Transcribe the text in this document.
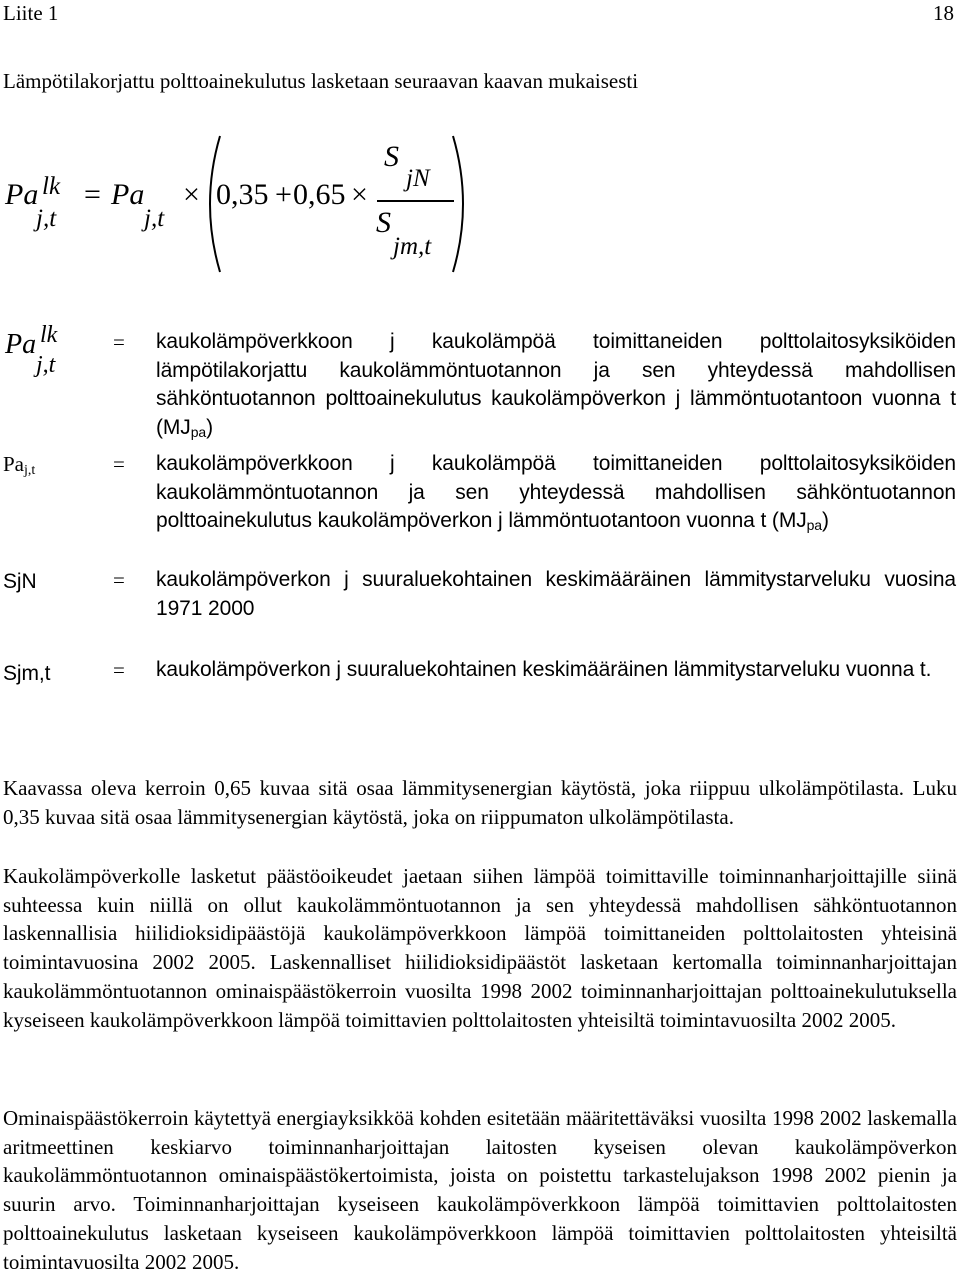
Liite 1	18
Lämpötilakorjattu polttoainekulutus lasketaan seuraavan kaavan mukaisesti
Pa lk
j,t
= Pa
j,t
× 0,35 + 0,65 ×
S
jN
S
jm,t
Pa lk
j,t
= kaukolämpöverkkoon j kaukolämpöä toimittaneiden polttolaitosyksiköiden lämpötilakorjattu kaukolämmöntuotannon ja sen yhteydessä mahdollisen sähköntuotannon polttoainekulutus kaukolämpöverkon j lämmöntuotantoon vuonna t $(MJ_{pa})$
$Pa_{j,t}$	= kaukolämpöverkkoon j kaukolämpöä toimittaneiden polttolaitosyksiköiden kaukolämmöntuotannon ja sen yhteydessä mahdollisen sähköntuotannon polttoainekulutus kaukolämpöverkon j lämmöntuotantoon vuonna t $(MJ_{pa})$
SjN	= kaukolämpöverkon j suuraluekohtainen keskimääräinen lämmitystarveluku vuosina 1971 2000
Sjm,t	= kaukolämpöverkon j suuraluekohtainen keskimääräinen lämmitystarveluku vuonna t.
Kaavassa oleva kerroin 0,65 kuvaa sitä osaa lämmitysenergian käytöstä, joka riippuu ulkolämpötilasta. Luku 0,35 kuvaa sitä osaa lämmitysenergian käytöstä, joka on riippumaton ulkolämpötilasta.
Kaukolämpöverkolle lasketut päästöoikeudet jaetaan siihen lämpöä toimittaville toiminnanharjoittajille siinä suhteessa kuin niillä on ollut kaukolämmöntuotannon ja sen yhteydessä mahdollisen sähköntuotannon laskennallisia hiilidioksidipäästöjä kaukolämpöverkkoon lämpöä toimittaneiden polttolaitosten yhteisinä toimintavuosina 2002 2005. Laskennalliset hiilidioksidipäästöt lasketaan kertomalla toiminnanharjoittajan kaukolämmöntuotannon ominaispäästökerroin vuosilta 1998 2002 toiminnanharjoittajan polttoainekulutuksella kyseiseen kaukolämpöverkkoon lämpöä toimittavien polttolaitosten yhteisiltä toimintavuosilta 2002 2005.
Ominaispäästökerroin käytettyä energiayksikköä kohden esitetään määritettäväksi vuosilta 1998 2002 laskemalla aritmeettinen keskiarvo toiminnanharjoittajan laitosten kyseisen olevan kaukolämpöverkon kaukolämmöntuotannon ominaispäästökertoimista, joista on poistettu tarkastelujakson 1998 2002 pienin ja suurin arvo. Toiminnanharjoittajan kyseiseen kaukolämpöverkkoon lämpöä toimittavien polttolaitosten polttoainekulutus lasketaan kyseiseen kaukolämpöverkkoon lämpöä toimittavien polttolaitosten yhteisiltä toimintavuosilta 2002 2005.
